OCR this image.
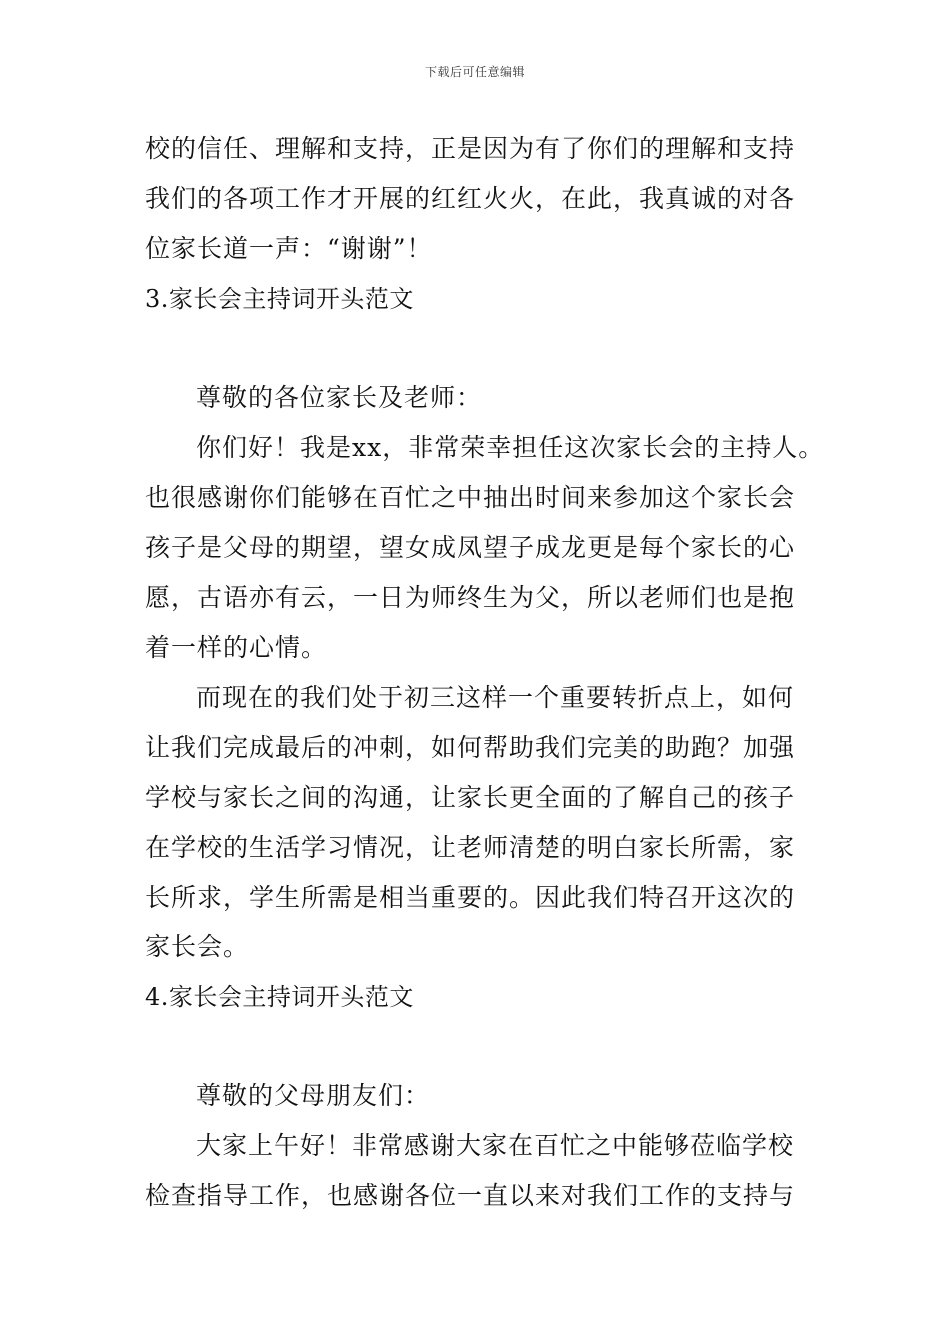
下载后可任意编辑
校的信任、理解和支持，正是因为有了你们的理解和支持
我们的各项工作才开展的红红火火，在此，我真诚的对各
位家长道一声：“谢谢”！
3.家长会主持词开头范文
尊敬的各位家长及老师：
你们好！我是xx，非常荣幸担任这次家长会的主持人。
也很感谢你们能够在百忙之中抽出时间来参加这个家长会
孩子是父母的期望，望女成凤望子成龙更是每个家长的心
愿，古语亦有云，一日为师终生为父，所以老师们也是抱
着一样的心情。
而现在的我们处于初三这样一个重要转折点上，如何
让我们完成最后的冲刺，如何帮助我们完美的助跑？加强
学校与家长之间的沟通，让家长更全面的了解自己的孩子
在学校的生活学习情况，让老师清楚的明白家长所需，家
长所求，学生所需是相当重要的。因此我们特召开这次的
家长会。
4.家长会主持词开头范文
尊敬的父母朋友们：
大家上午好！非常感谢大家在百忙之中能够莅临学校
检查指导工作，也感谢各位一直以来对我们工作的支持与
